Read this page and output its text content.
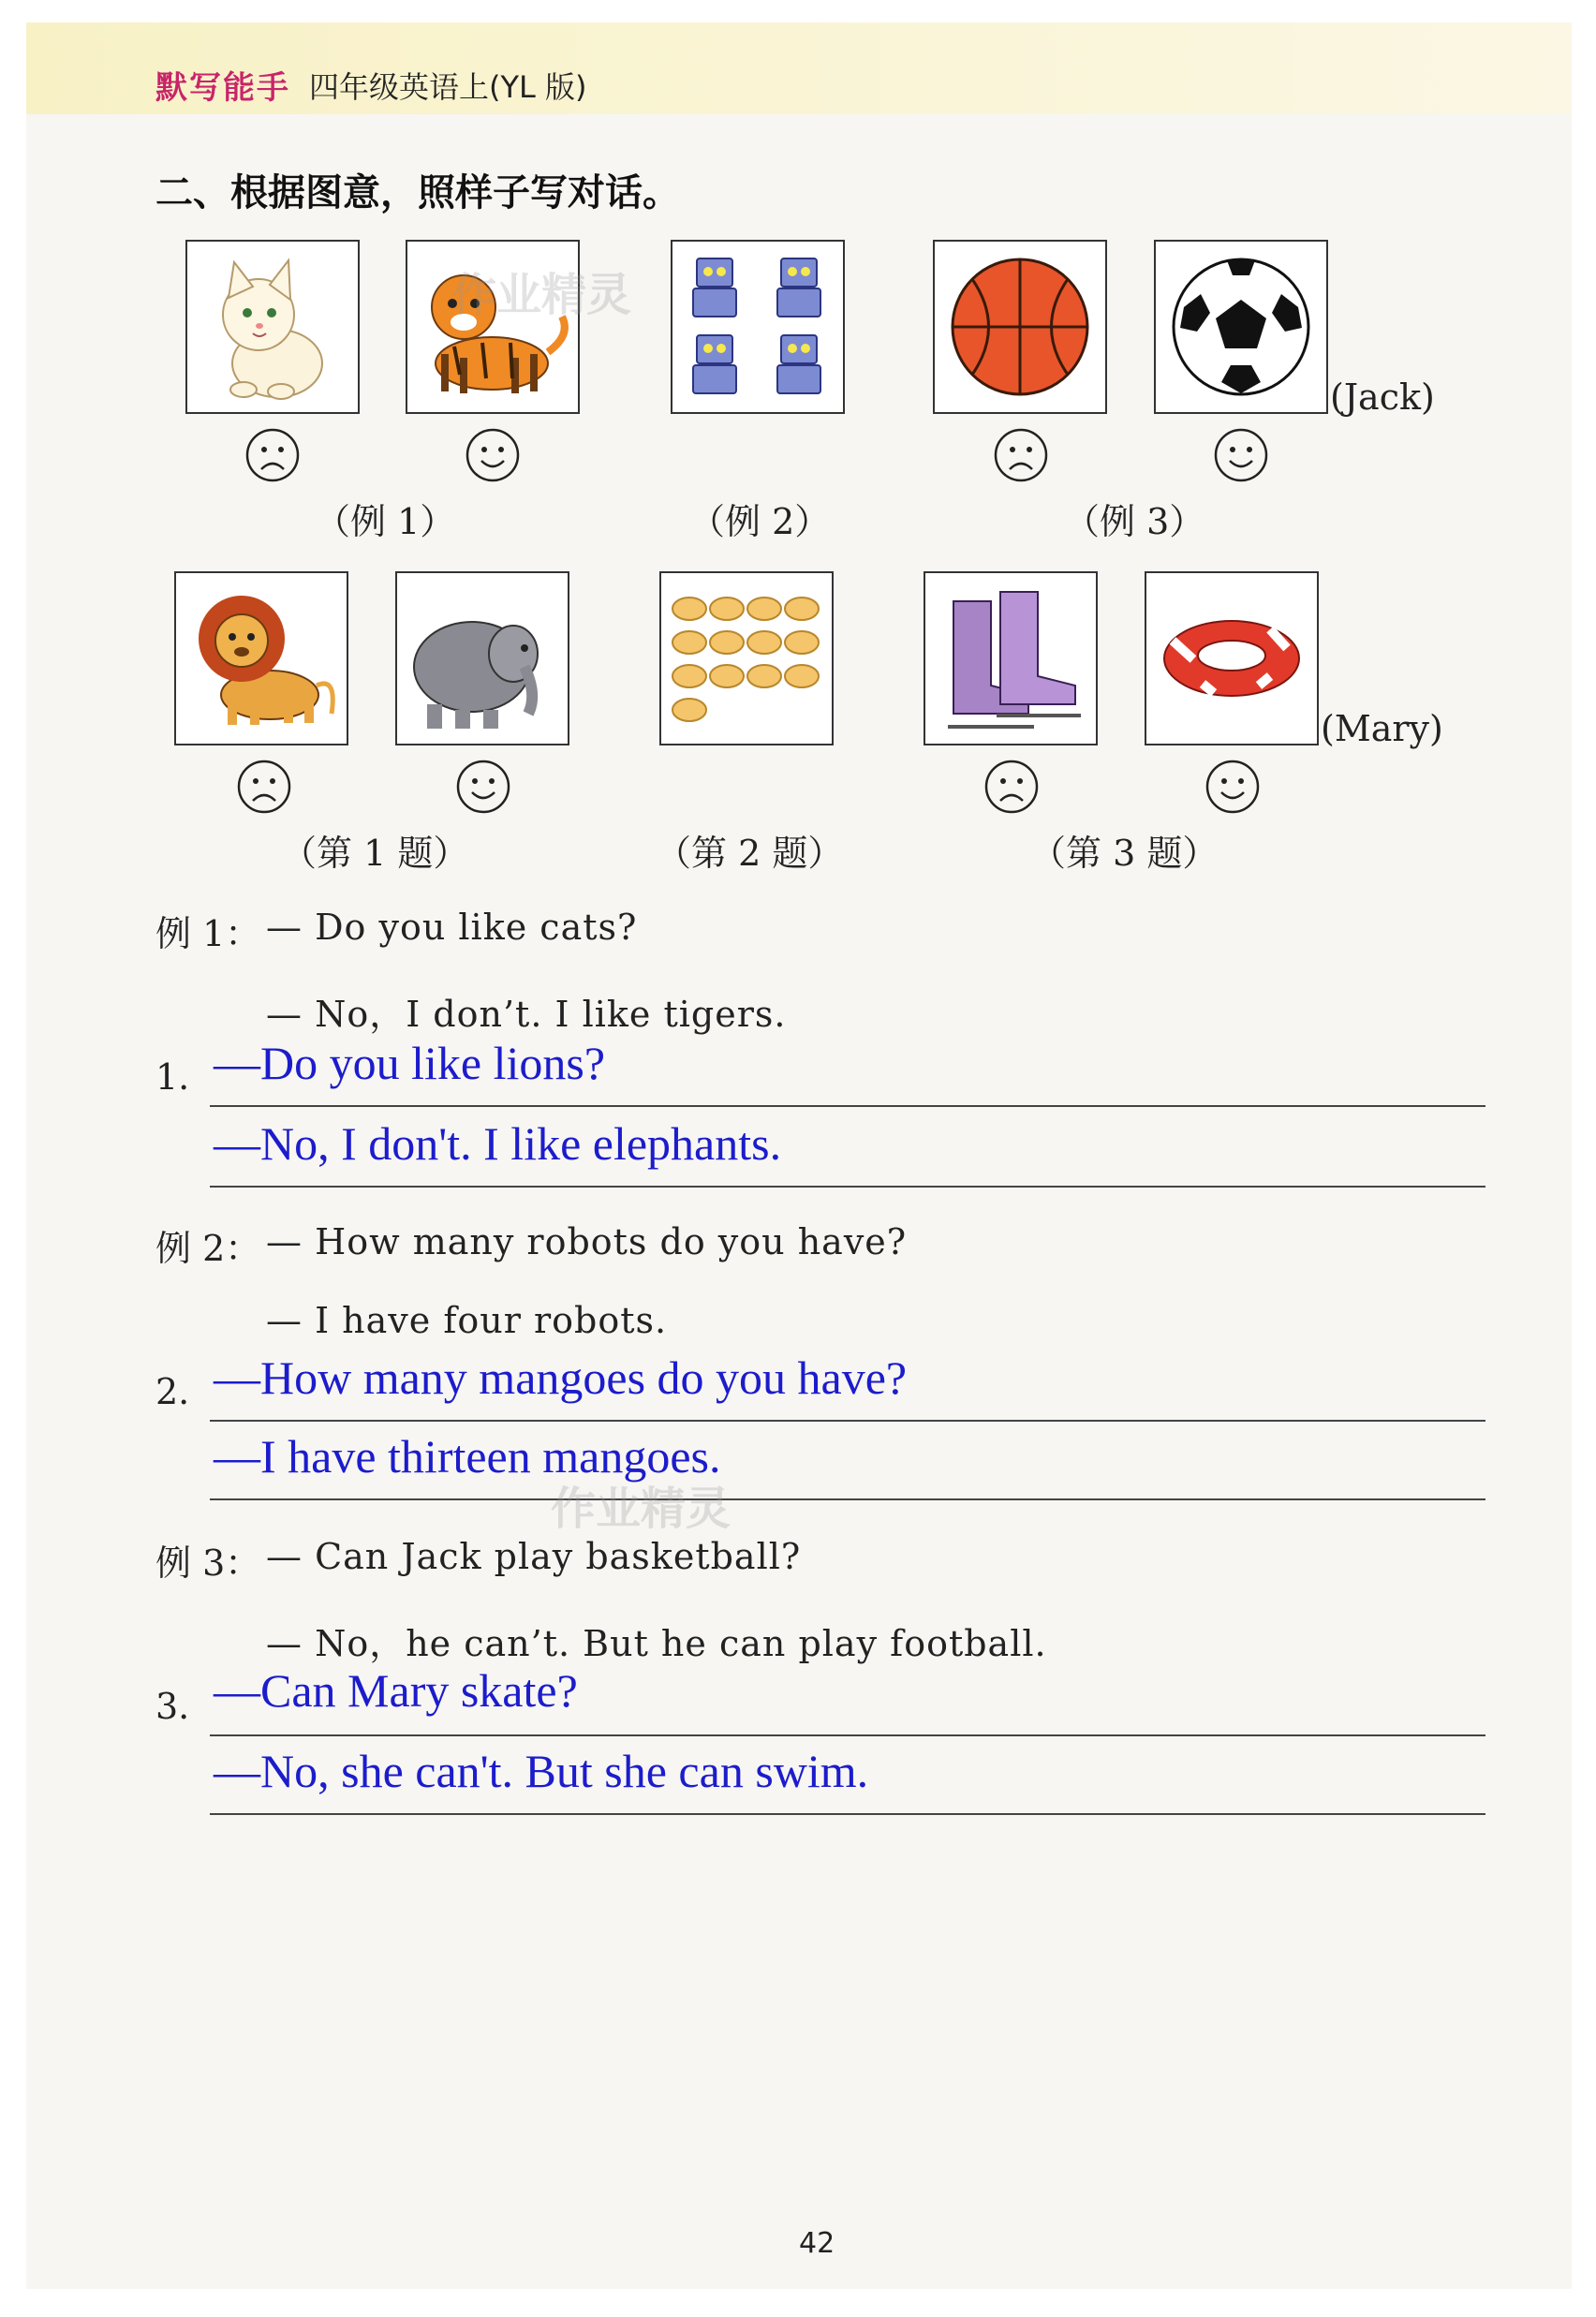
默写能手 四年级英语上(YL 版)
二、根据图意，照样子写对话。
(Jack)
（例 1）	（例 2）	（例 3）
(Mary)
（第 1 题）	（第 2 题）	（第 3 题）
例 1： — Do you like cats?
— No，I don’t. I like tigers.
1. —Do you like lions?
—No, I don't. I like elephants.
例 2： — How many robots do you have?
— I have four robots.
2. —How many mangoes do you have?
—I have thirteen mangoes.
例 3： — Can Jack play basketball?
— No，he can’t. But he can play football.
3. —Can Mary skate?
—No, she can't. But she can swim.
作业精灵
作业精灵
42
